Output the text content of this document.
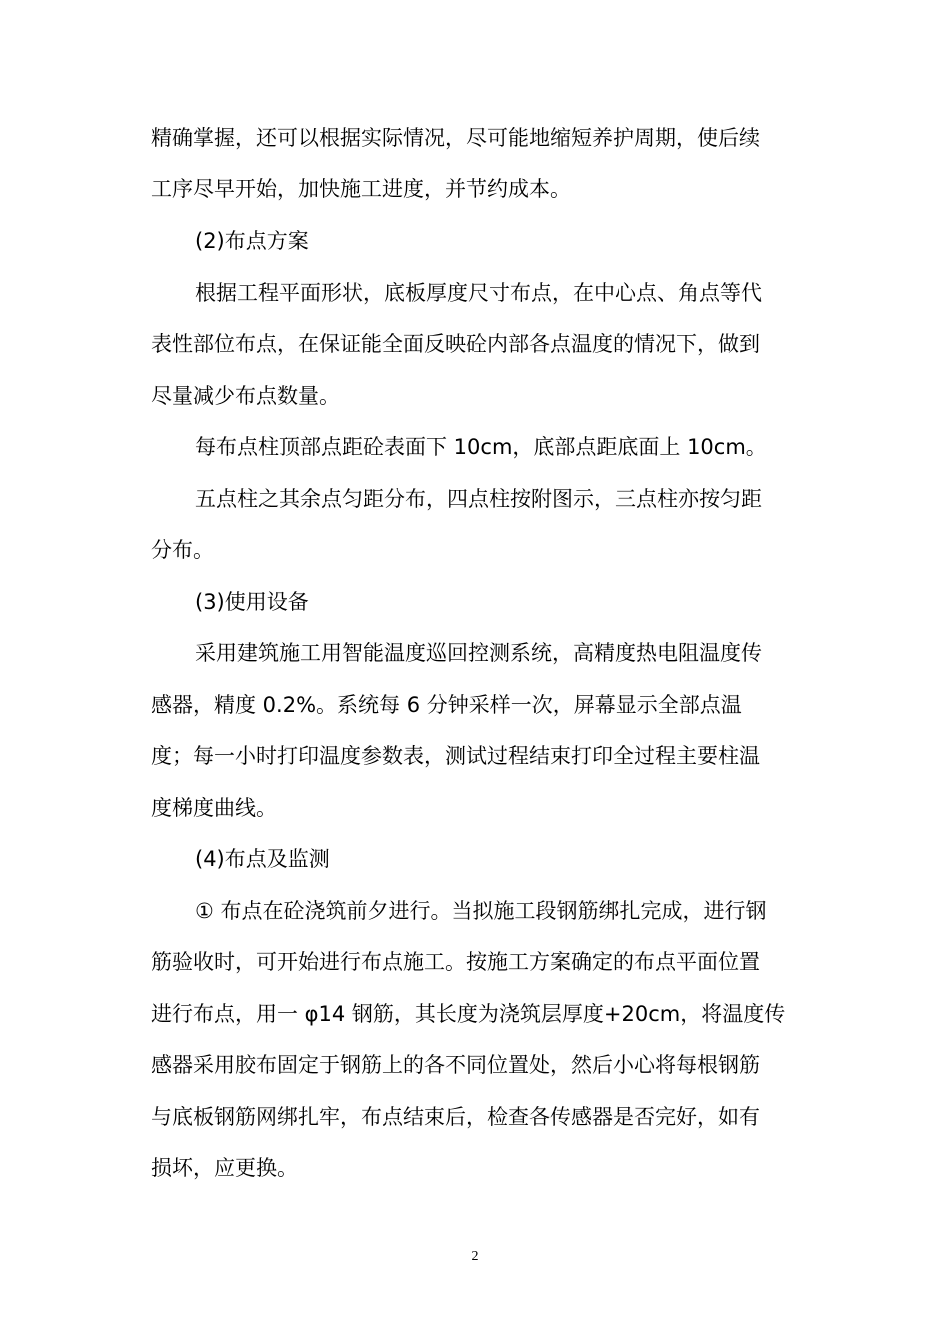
精确掌握，还可以根据实际情况，尽可能地缩短养护周期，使后续
工序尽早开始，加快施工进度，并节约成本。
(2)布点方案
根据工程平面形状，底板厚度尺寸布点，在中心点、角点等代
表性部位布点，在保证能全面反映砼内部各点温度的情况下，做到
尽量减少布点数量。
每布点柱顶部点距砼表面下 10cm，底部点距底面上 10cm。
五点柱之其余点匀距分布，四点柱按附图示，三点柱亦按匀距
分布。
(3)使用设备
采用建筑施工用智能温度巡回控测系统，高精度热电阻温度传
感器，精度 0.2%。系统每 6 分钟采样一次，屏幕显示全部点温
度；每一小时打印温度参数表，测试过程结束打印全过程主要柱温
度梯度曲线。
(4)布点及监测
① 布点在砼浇筑前夕进行。当拟施工段钢筋绑扎完成，进行钢
筋验收时，可开始进行布点施工。按施工方案确定的布点平面位置
进行布点，用一 φ14 钢筋，其长度为浇筑层厚度+20cm，将温度传
感器采用胶布固定于钢筋上的各不同位置处，然后小心将每根钢筋
与底板钢筋网绑扎牢，布点结束后，检查各传感器是否完好，如有
损坏，应更换。
2
